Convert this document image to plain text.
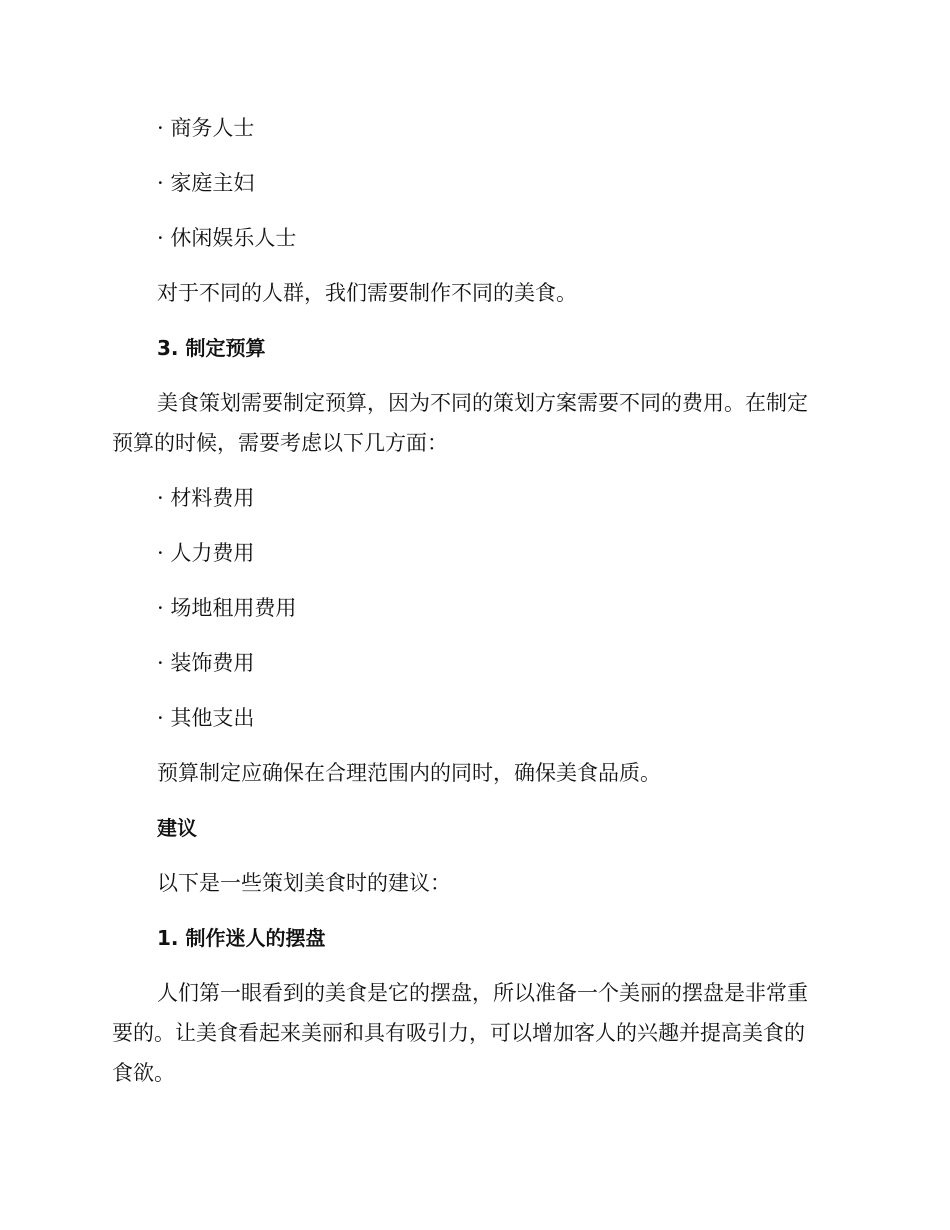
· 商务人士
· 家庭主妇
· 休闲娱乐人士
对于不同的人群，我们需要制作不同的美食。
3. 制定预算
美食策划需要制定预算，因为不同的策划方案需要不同的费用。在制定
预算的时候，需要考虑以下几方面：
· 材料费用
· 人力费用
· 场地租用费用
· 装饰费用
· 其他支出
预算制定应确保在合理范围内的同时，确保美食品质。
建议
以下是一些策划美食时的建议：
1. 制作迷人的摆盘
人们第一眼看到的美食是它的摆盘，所以准备一个美丽的摆盘是非常重
要的。让美食看起来美丽和具有吸引力，可以增加客人的兴趣并提高美食的
食欲。
